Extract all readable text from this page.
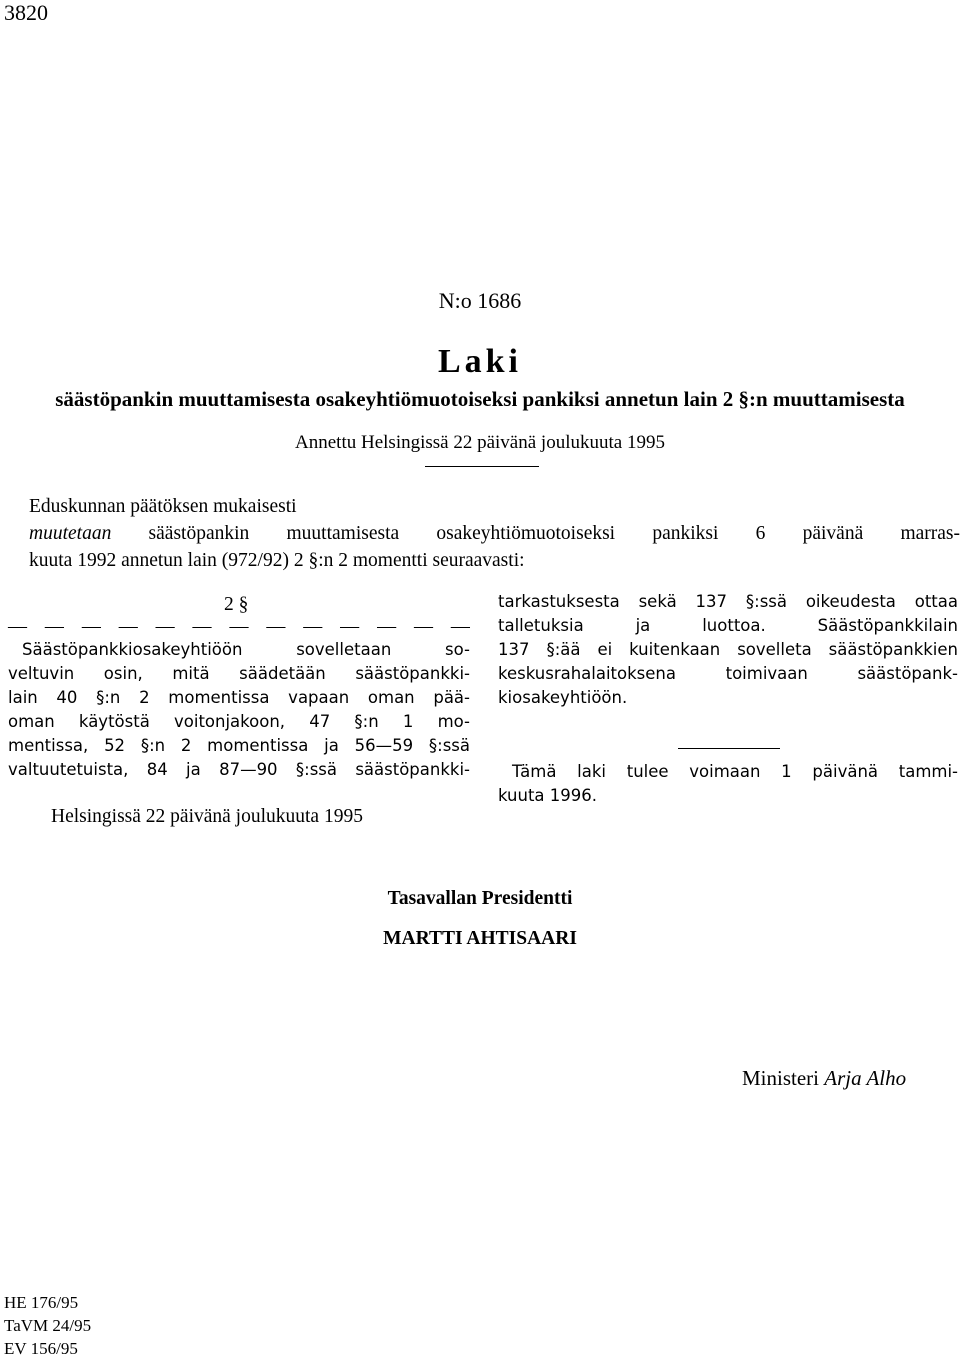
3820
N:o 1686
Laki
säästöpankin muuttamisesta osakeyhtiömuotoiseksi pankiksi annetun lain 2 §:n muuttamisesta
Annettu Helsingissä 22 päivänä joulukuuta 1995
Eduskunnan päätöksen mukaisesti
muutetaan säästöpankin muuttamisesta osakeyhtiömuotoiseksi pankiksi 6 päivänä marras-
kuuta 1992 annetun lain (972/92) 2 §:n 2 momentti seuraavasti:
2 §
— — — — — — — — — — — — —
Säästöpankkiosakeyhtiöön sovelletaan so-
veltuvin osin, mitä säädetään säästöpankki-
lain 40 §:n 2 momentissa vapaan oman pää-
oman käytöstä voitonjakoon, 47 §:n 1 mo-
mentissa, 52 §:n 2 momentissa ja 56—59 §:ssä
valtuutetuista, 84 ja 87—90 §:ssä säästöpankki-
tarkastuksesta sekä 137 §:ssä oikeudesta ottaa
talletuksia ja luottoa. Säästöpankkilain
137 §:ää ei kuitenkaan sovelleta säästöpankkien
keskusrahalaitoksena toimivaan säästöpank-
kiosakeyhtiöön.
Tämä laki tulee voimaan 1 päivänä tammi-
kuuta 1996.
Helsingissä 22 päivänä joulukuuta 1995
Tasavallan Presidentti
MARTTI AHTISAARI
Ministeri Arja Alho
HE 176/95
TaVM 24/95
EV 156/95
